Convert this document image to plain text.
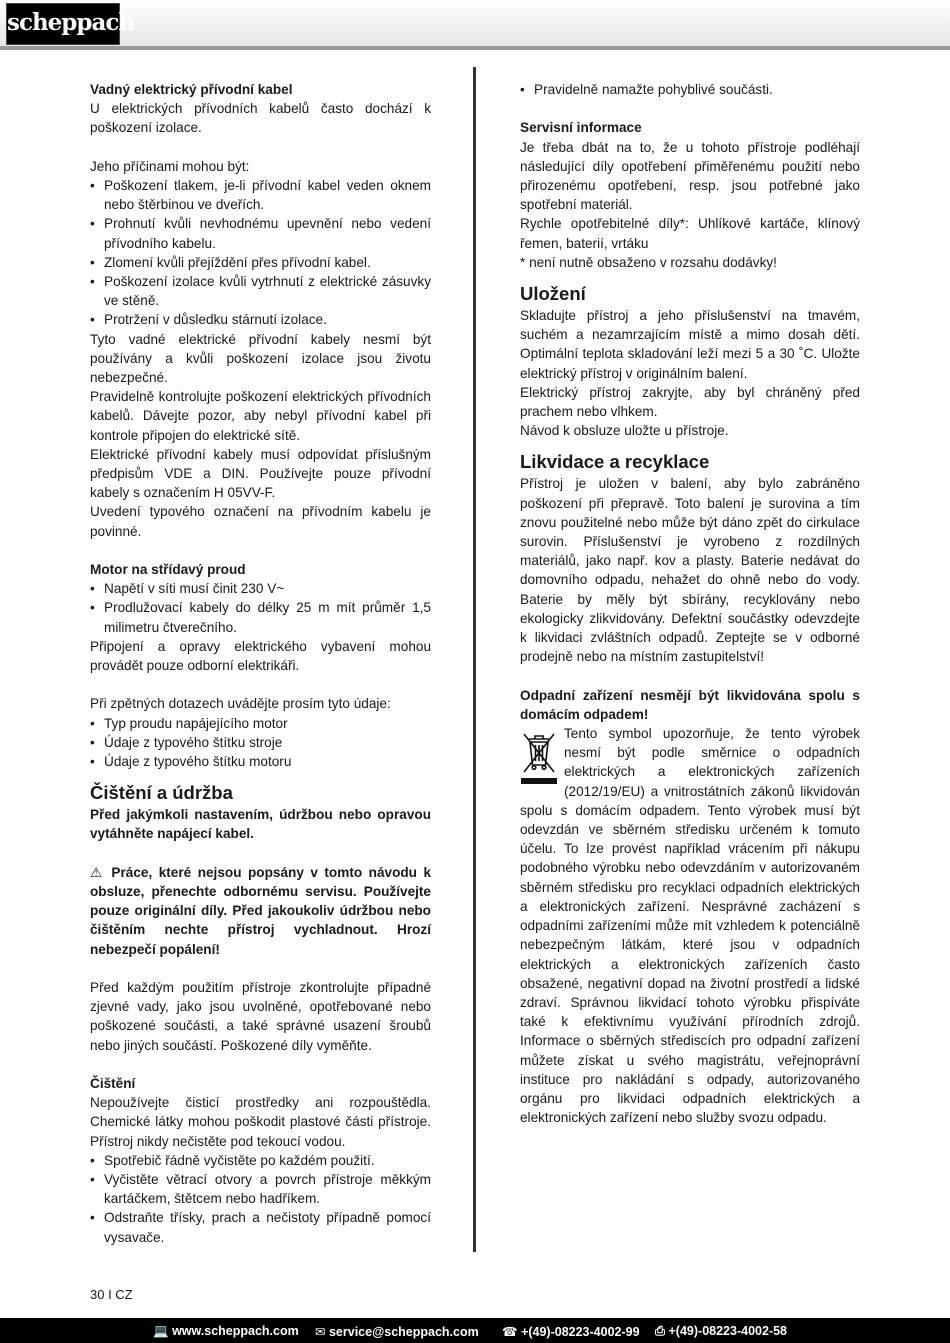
scheppach
Vadný elektrický přívodní kabel

U elektrických přívodních kabelů často dochází k poškození izolace.

Jeho příčinami mohou být:

• Poškození tlakem, je-li přívodní kabel veden oknem nebo štěrbinou ve dveřích.
• Prohnutí kvůli nevhodnému upevnění nebo vedení přívodního kabelu.
• Zlomení kvůli přejíždění přes přívodní kabel.
• Poškození izolace kvůli vytrhnutí z elektrické zásuvky ve stěně.
• Protržení v důsledku stárnutí izolace.

Tyto vadné elektrické přívodní kabely nesmí být používány a kvůli poškození izolace jsou životu nebezpečné.

Pravidelně kontrolujte poškození elektrických přívodních kabelů. Dávejte pozor, aby nebyl přívodní kabel při kontrole připojen do elektrické sítě.

Elektrické přívodní kabely musí odpovídat příslušným předpisům VDE a DIN. Používejte pouze přívodní kabely s označením H 05VV-F.

Uvedení typového označení na přívodním kabelu je povinné.

Motor na střídavý proud
• Napětí v síti musí činit 230 V~
• Prodlužovací kabely do délky 25 m mít průměr 1,5 milimetru čtverečního.

Připojení a opravy elektrického vybavení mohou provádět pouze odborní elektrikáři.

Při zpětných dotazech uvádějte prosím tyto údaje:

• Typ proudu napájejícího motor
• Údaje z typového štítku stroje
• Údaje z typového štítku motoru
Čištění a údržba

Před jakýmkoli nastavením, údržbou nebo opravou vytáhněte napájecí kabel.

⚠ Práce, které nejsou popsány v tomto návodu k obsluze, přenechte odbornému servisu. Používejte pouze originální díly. Před jakoukoliv údržbou nebo čištěním nechte přístroj vychladnout. Hrozí nebezpečí popálení!

Před každým použitím přístroje zkontrolujte případné zjevné vady, jako jsou uvolněné, opotřebované nebo poškozené součásti, a také správné usazení šroubů nebo jiných součástí. Poškozené díly vyměňte.

Čištění

Nepoužívejte čisticí prostředky ani rozpouštědla. Chemické látky mohou poškodit plastové části přístroje. Přístroj nikdy nečistěte pod tekoucí vodou.

• Spotřebič řádně vyčistěte po každém použití.
• Vyčistěte větrací otvory a povrch přístroje měkkým kartáčkem, štětcem nebo hadříkem.
• Odstraňte třísky, prach a nečistoty případně pomocí vysavače.
• Pravidelně namažte pohyblivé součásti.
Servisní informace

Je třeba dbát na to, že u tohoto přístroje podléhají následující díly opotřebení přiměřenému použití nebo přirozenému opotřebení, resp. jsou potřebné jako spotřební materiál.

Rychle opotřebitelné díly*: Uhlíkové kartáče, klínový řemen, baterií, vrtáku

* není nutně obsaženo v rozsahu dodávky!

Uložení

Skladujte přístroj a jeho příslušenství na tmavém, suchém a nezamrzajícím místě a mimo dosah dětí. Optimální teplota skladování leží mezi 5 a 30 ˚C. Uložte elektrický přístroj v originálním balení.

Elektrický přístroj zakryjte, aby byl chráněný před prachem nebo vlhkem.

Návod k obsluze uložte u přístroje.

Likvidace a recyklace

Přístroj je uložen v balení, aby bylo zabráněno poškození při přepravě. Toto balení je surovina a tím znovu použitelné nebo může být dáno zpět do cirkulace surovin. Příslušenství je vyrobeno z rozdílných materiálů, jako např. kov a plasty. Baterie nedávat do domovního odpadu, nehažet do ohně nebo do vody. Baterie by měly být sbírány, recyklovány nebo ekologicky zlikvidovány. Defektní součástky odevzdejte k likvidaci zvláštních odpadů. Zeptejte se v odborné prodejně nebo na místním zastupitelství!

Odpadní zařízení nesmějí být likvidována spolu s domácím odpadem!

Tento symbol upozorňuje, že tento výrobek nesmí být podle směrnice o odpadních elektrických a elektronických zařízeních (2012/19/EU) a vnitrostátních zákonů likvidován spolu s domácím odpadem. Tento výrobek musí být odevzdán ve sběrném středisku určeném k tomuto účelu. To lze provést například vrácením při nákupu podobného výrobku nebo odevzdáním v autorizovaném sběrném středisku pro recyklaci odpadních elektrických a elektronických zařízení. Nesprávné zacházení s odpadními zařízeními může mít vzhledem k potenciálně nebezpečným látkám, které jsou v odpadních elektrických a elektronických zařízeních často obsažené, negativní dopad na životní prostředí a lidské zdraví. Správnou likvidací tohoto výrobku přispíváte také k efektivnímu využívání přírodních zdrojů. Informace o sběrných střediscích pro odpadní zařízení můžete získat u svého magistrátu, veřejnoprávní instituce pro nakládání s odpady, autorizovaného orgánu pro likvidaci odpadních elektrických a elektronických zařízení nebo služby svozu odpadu.

30 I CZ
💻 www.scheppach.com ✉ service@scheppach.com ☎ +(49)-08223-4002-99 ⎙ +(49)-08223-4002-58
